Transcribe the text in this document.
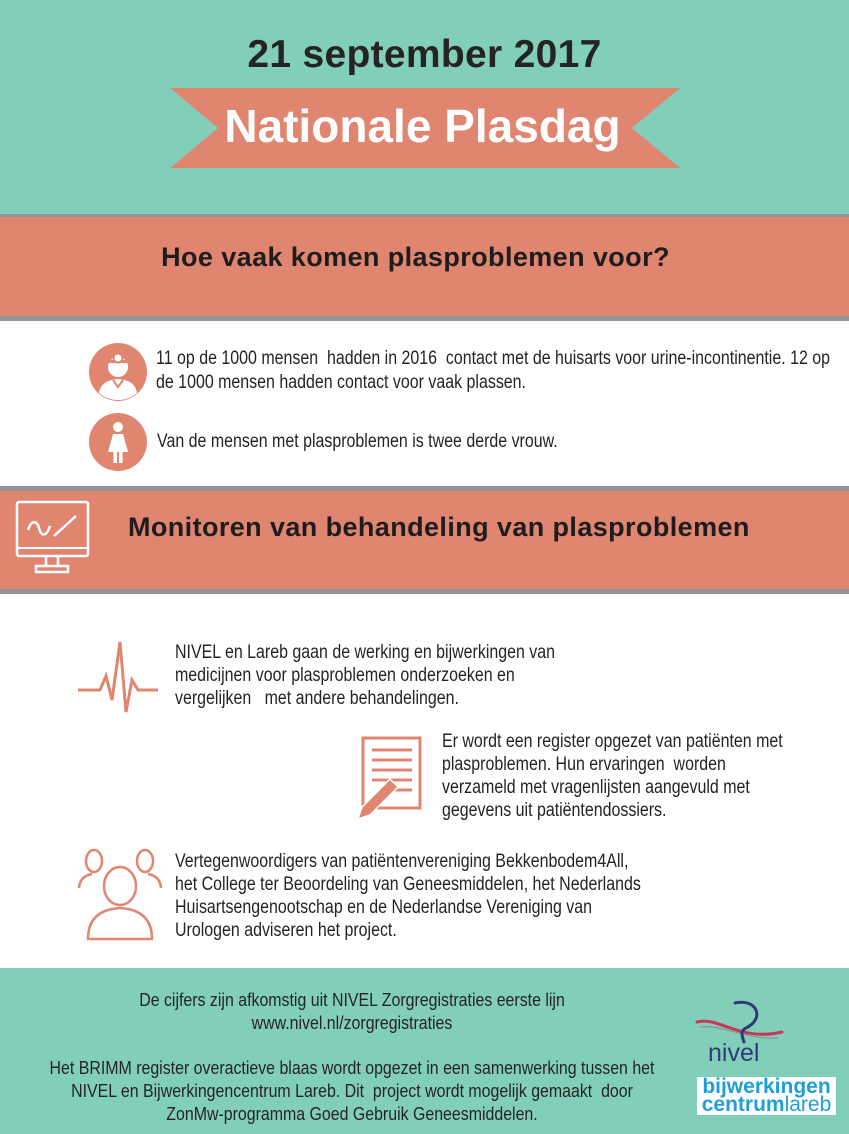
21 september 2017
Nationale Plasdag
Hoe vaak komen plasproblemen voor?
11 op de 1000 mensen  hadden in 2016  contact met de huisarts voor urine-incontinentie. 12 op
de 1000 mensen hadden contact voor vaak plassen.
Van de mensen met plasproblemen is twee derde vrouw.
Monitoren van behandeling van plasproblemen
NIVEL en Lareb gaan de werking en bijwerkingen van
medicijnen voor plasproblemen onderzoeken en
vergelijken   met andere behandelingen.
Er wordt een register opgezet van patiënten met
plasproblemen. Hun ervaringen  worden
verzameld met vragenlijsten aangevuld met
gegevens uit patiëntendossiers.
Vertegenwoordigers van patiëntenvereniging Bekkenbodem4All,
het College ter Beoordeling van Geneesmiddelen, het Nederlands
Huisartsengenootschap en de Nederlandse Vereniging van
Urologen adviseren het project.
De cijfers zijn afkomstig uit NIVEL Zorgregistraties eerste lijn
www.nivel.nl/zorgregistraties
Het BRIMM register overactieve blaas wordt opgezet in een samenwerking tussen het
NIVEL en Bijwerkingencentrum Lareb. Dit  project wordt mogelijk gemaakt  door
ZonMw-programma Goed Gebruik Geneesmiddelen.
nivel
bijwerkingen
centrumlareb
